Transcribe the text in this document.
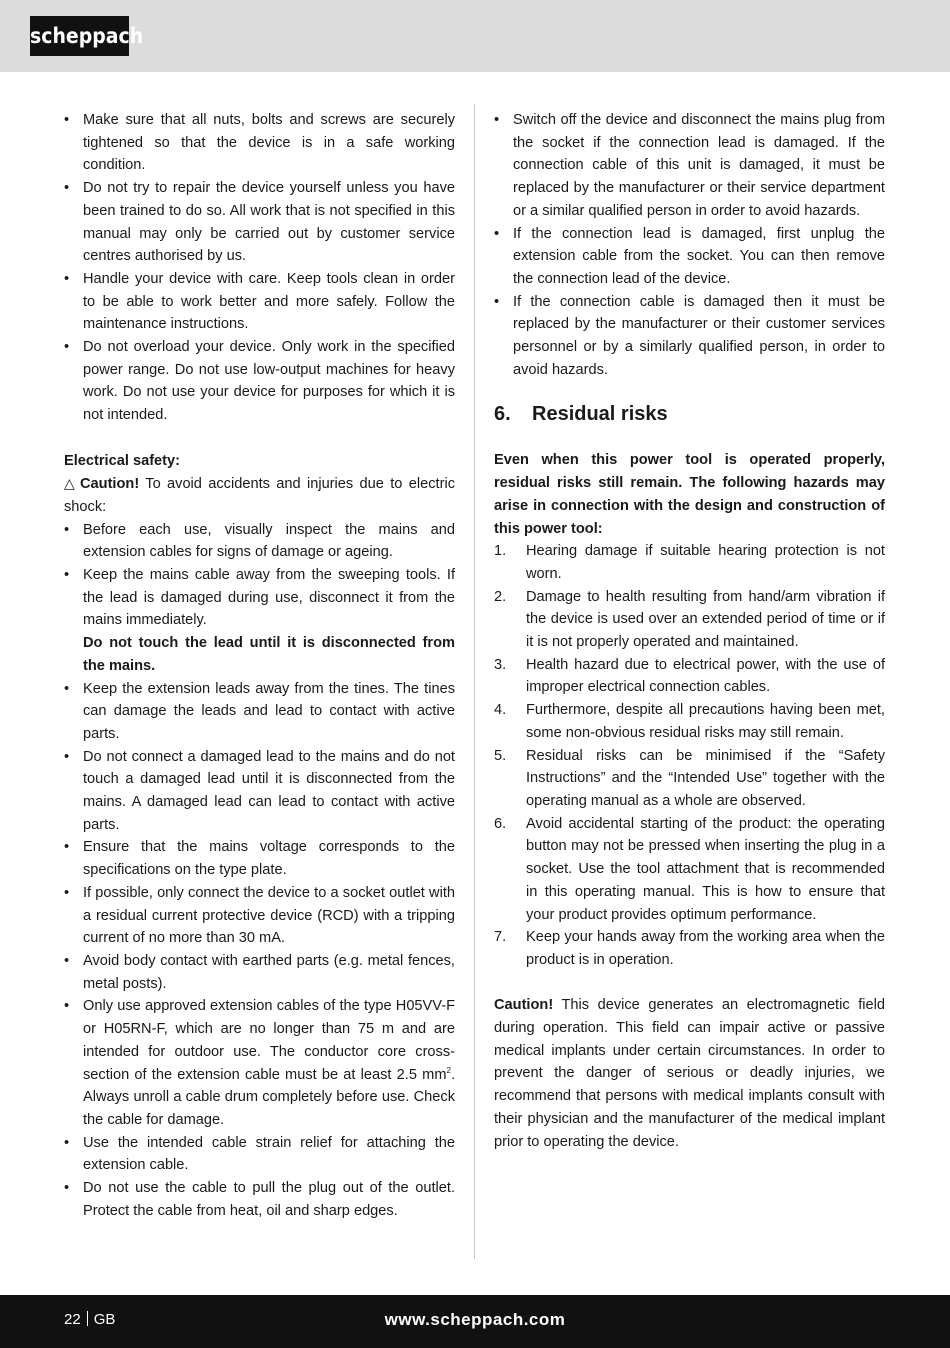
scheppach
• Make sure that all nuts, bolts and screws are securely tightened so that the device is in a safe working condition.
• Do not try to repair the device yourself unless you have been trained to do so. All work that is not specified in this manual may only be carried out by customer service centres authorised by us.
• Handle your device with care. Keep tools clean in order to be able to work better and more safely. Follow the maintenance instructions.
• Do not overload your device. Only work in the specified power range. Do not use low-output machines for heavy work. Do not use your device for purposes for which it is not intended.

Electrical safety:

△ Caution! To avoid accidents and injuries due to electric shock:

• Before each use, visually inspect the mains and extension cables for signs of damage or ageing.
• Keep the mains cable away from the sweeping tools. If the lead is damaged during use, disconnect it from the mains immediately.
Do not touch the lead until it is disconnected from the mains.
• Keep the extension leads away from the tines. The tines can damage the leads and lead to contact with active parts.
• Do not connect a damaged lead to the mains and do not touch a damaged lead until it is disconnected from the mains. A damaged lead can lead to contact with active parts.
• Ensure that the mains voltage corresponds to the specifications on the type plate.
• If possible, only connect the device to a socket outlet with a residual current protective device (RCD) with a tripping current of no more than 30 mA.
• Avoid body contact with earthed parts (e.g. metal fences, metal posts).
• Only use approved extension cables of the type H05VV-F or H05RN-F, which are no longer than 75 m and are intended for outdoor use. The conductor core cross-section of the extension cable must be at least 2.5 $mm^2$. Always unroll a cable drum completely before use. Check the cable for damage.
• Use the intended cable strain relief for attaching the extension cable.
• Do not use the cable to pull the plug out of the outlet. Protect the cable from heat, oil and sharp edges.
• Switch off the device and disconnect the mains plug from the socket if the connection lead is damaged. If the connection cable of this unit is damaged, it must be replaced by the manufacturer or their service department or a similar qualified person in order to avoid hazards.
• If the connection lead is damaged, first unplug the extension cable from the socket. You can then remove the connection lead of the device.
• If the connection cable is damaged then it must be replaced by the manufacturer or their customer services personnel or by a similarly qualified person, in order to avoid hazards.
6. Residual risks

Even when this power tool is operated properly, residual risks still remain. The following hazards may arise in connection with the design and construction of this power tool:

1. Hearing damage if suitable hearing protection is not worn.
2. Damage to health resulting from hand/arm vibration if the device is used over an extended period of time or if it is not properly operated and maintained.
3. Health hazard due to electrical power, with the use of improper electrical connection cables.
4. Furthermore, despite all precautions having been met, some non-obvious residual risks may still remain.
5. Residual risks can be minimised if the “Safety Instructions” and the “Intended Use” together with the operating manual as a whole are observed.
6. Avoid accidental starting of the product: the operating button may not be pressed when inserting the plug in a socket. Use the tool attachment that is recommended in this operating manual. This is how to ensure that your product provides optimum performance.
7. Keep your hands away from the working area when the product is in operation.

Caution! This device generates an electromagnetic field during operation. This field can impair active or passive medical implants under certain circumstances. In order to prevent the danger of serious or deadly injuries, we recommend that persons with medical implants consult with their physician and the manufacturer of the medical implant prior to operating the device.

22 GB	www.scheppach.com
